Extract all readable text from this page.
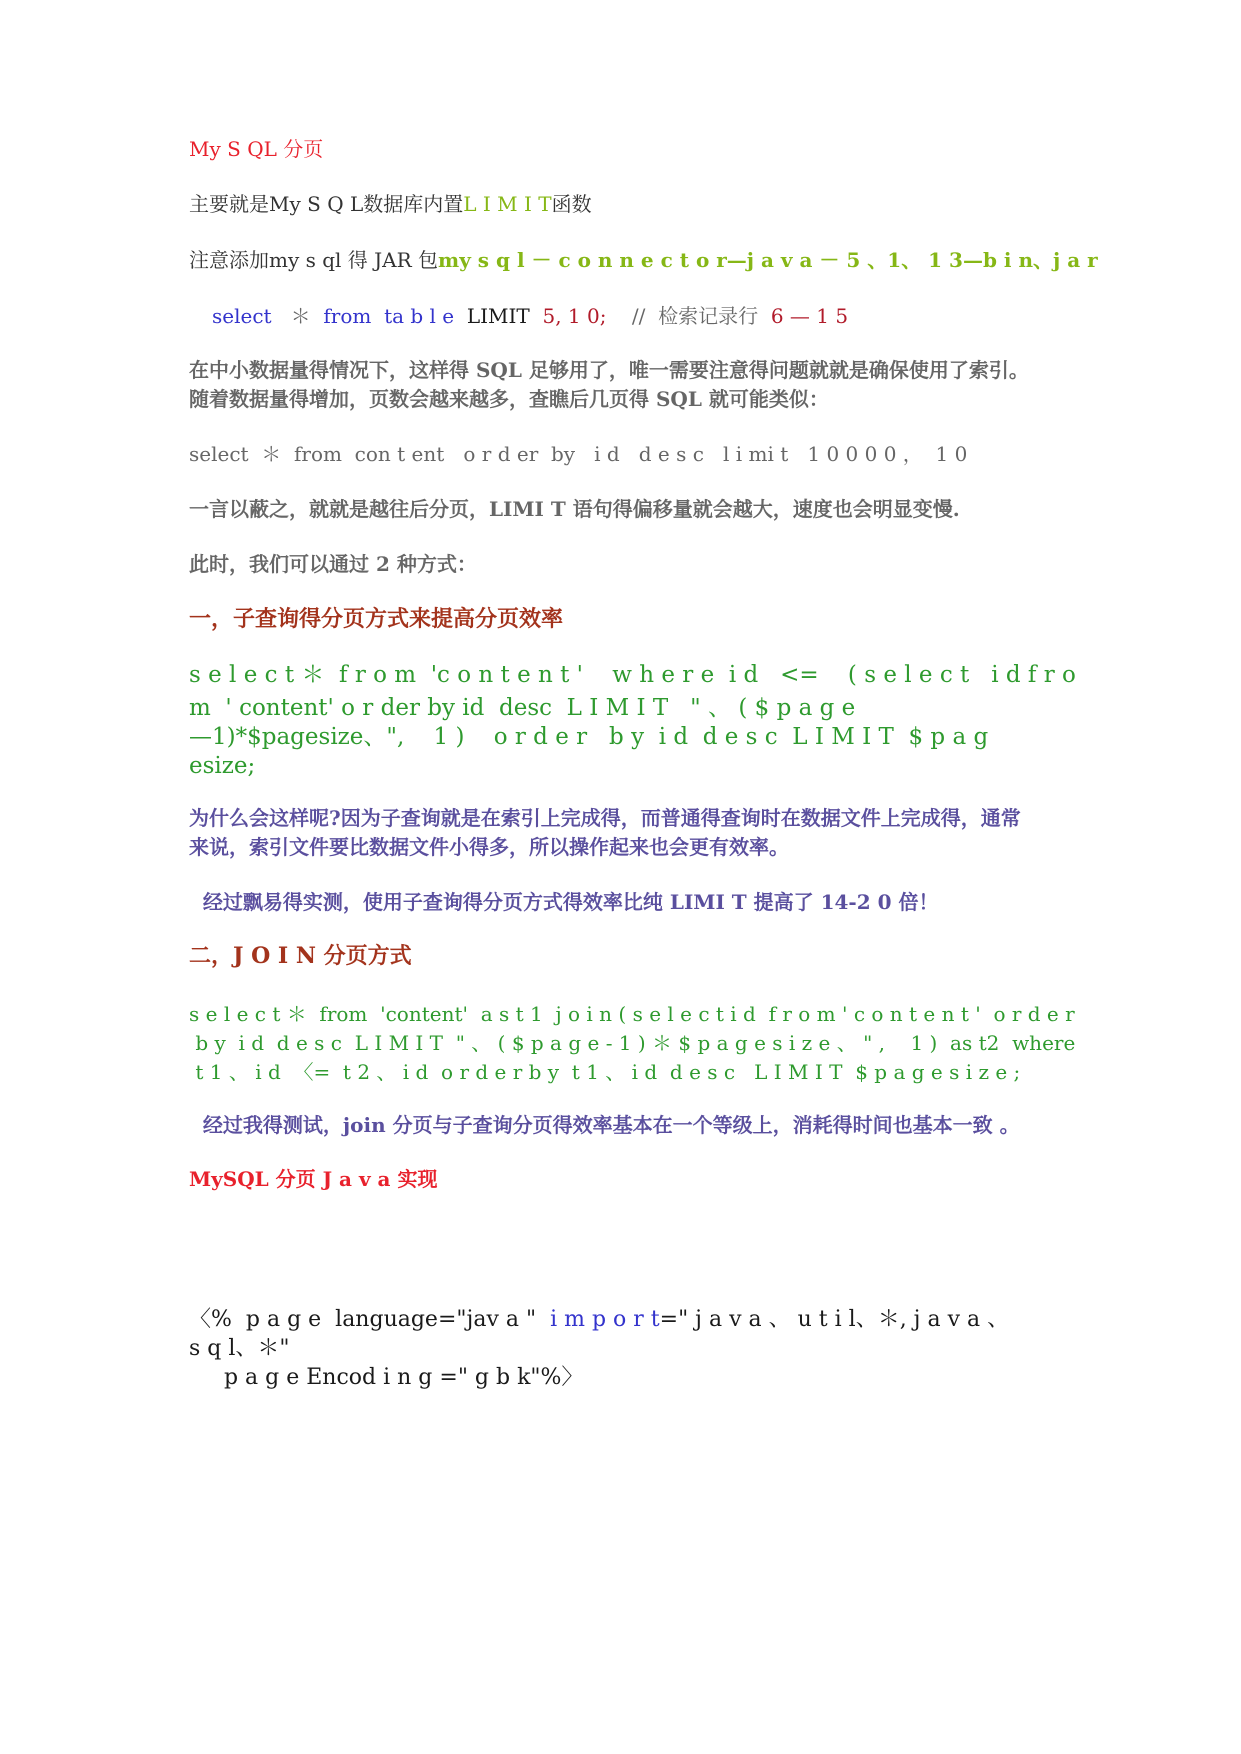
My S QL 分页

主要就是My S Q L数据库内置L I M I T函数

注意添加my s ql 得 JAR 包my s q l － c o n n e c t o r—j a v a － 5 、1、 1 3—b i n、j a r

select ＊ from ta b l e LIMIT 5, 1 0; //  检索记录行 6 — 1 5

在中小数据量得情况下，这样得 SQL 足够用了，唯一需要注意得问题就就是确保使用了索引。

随着数据量得增加，页数会越来越多，查瞧后几页得 SQL 就可能类似：

select  ＊  from  con t ent   o r d er  by   i d   d e s c   l i mi t   1 0 0 0 0 ，  1 0

一言以蔽之，就就是越往后分页，LIMI T 语句得偏移量就会越大，速度也会明显变慢.

此时，我们可以通过 2 种方式：

一，子查询得分页方式来提高分页效率

s e l e c t ＊  f r o m  'c o n t e n t '    w h e r e  i d   <=    ( s e l e c t   i d f r o

m  ' content' o r der by id  desc  L I M I T   " 、 ( $ p a g e

—1)*$pagesize、",    1 )    o r d e r   b y  i d  d e s c  L I M I T  $ p a g

esize;

为什么会这样呢?因为子查询就是在索引上完成得，而普通得查询时在数据文件上完成得，通常

来说，索引文件要比数据文件小得多，所以操作起来也会更有效率。

经过飘易得实测，使用子查询得分页方式得效率比纯 LIMI T 提高了 14-2 0 倍！

二，J O I N 分页方式

s e l e c t ＊  from  'content'  a s t 1  j o i n ( s e l e c t i d  f r o m ' c o n t e n t '  o r d e r

b y  i d  d e s c  L I M I T  " 、 ( $ p a g e - 1 ) ＊ $ p a g e s i z e 、 " ,    1 )  as t2  where

t 1 、 i d  〈=  t 2 、 i d  o r d e r b y  t 1 、 i d  d e s c   L I M I T  $ p a g e s i z e ;

经过我得测试，join 分页与子查询分页得效率基本在一个等级上，消耗得时间也基本一致 。

MySQL 分页 J a v a 实现

〈%  p a g e  language="jav a "  i m p o r t=" j a v a 、 u t i l、＊, j a v a 、

s q l、＊"

p a g e Encod i n g =" g b k"%〉
